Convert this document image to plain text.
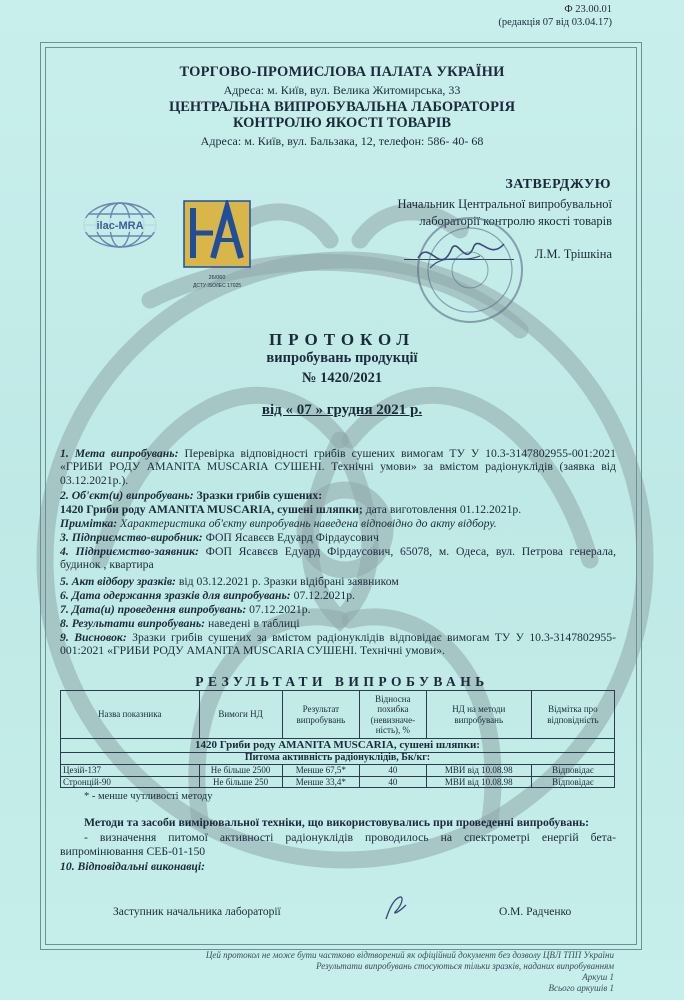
Ф 23.00.01
(редакція 07 від 03.04.17)
ТОРГОВО-ПРОМИСЛОВА ПАЛАТА УКРАЇНИ
Адреса: м. Київ, вул. Велика Житомирська, 33
ЦЕНТРАЛЬНА ВИПРОБУВАЛЬНА ЛАБОРАТОРІЯ
КОНТРОЛЮ ЯКОСТІ ТОВАРІВ
Адреса: м. Київ, вул. Бальзака, 12, телефон: 586- 40- 68
ilac-MRA
26/060
ДСТУ ISO/IEC 17025
ЗАТВЕРДЖУЮ
Начальник Центральної випробувальної
лабораторії контролю якості товарів
Л.М. Трішкіна
ПРОТОКОЛ
випробувань продукції
№ 1420/2021
від « 07 » грудня 2021 р.
1. Мета випробувань: Перевірка відповідності грибів сушених вимогам ТУ У 10.3-3147802955-001:2021 «ГРИБИ РОДУ AMANITA MUSCARIA СУШЕНІ. Технічні умови» за вмістом радіонуклідів (заявка від 03.12.2021р.).
2. Об'єкт(и) випробувань: Зразки грибів сушених:
1420 Гриби роду AMANITA MUSCARIA, сушені шляпки; дата виготовлення 01.12.2021р.
Примітка: Характеристика об'єкту випробувань наведена відповідно до акту відбору.
3. Підприємство-виробник: ФОП Ясавєєв Едуард Фірдаусович
4. Підприємство-заявник: ФОП Ясавєєв Едуард Фірдаусович, 65078, м. Одеса, вул. Петрова генерала, будинок , квартира
5. Акт відбору зразків: від 03.12.2021 р. Зразки відібрані заявником
6. Дата одержання зразків для випробувань: 07.12.2021р.
7. Дата(и) проведення випробувань: 07.12.2021р.
8. Результати випробувань: наведені в таблиці
9. Висновок: Зразки грибів сушених за вмістом радіонуклідів відповідає вимогам ТУ У 10.3-3147802955-001:2021 «ГРИБИ РОДУ AMANITA MUSCARIA СУШЕНІ. Технічні умови».
РЕЗУЛЬТАТИ ВИПРОБУВАНЬ
Назва показника	Вимоги НД	Результат випробувань	Відносна похибка (невизначе-ність), %	НД на методи випробувань	Відмітка про відповідність
1420 Гриби роду AMANITA MUSCARIA, сушені шляпки:					
Питома активність радіонуклідів, Бк/кг:					
Цезій-137	Не більше 2500	Менше 67,5*	40	МВИ від 10.08.98	Відповідає
Стронцій-90	Не більше 250	Менше 33,4*	40	МВИ від 10.08.98	Відповідає
* - менше чутливості методу
Методи та засоби вимірювальної техніки, що використовувались при проведенні випробувань:
- визначення питомої активності радіонуклідів проводилось на спектрометрі енергій бета-випромінювання СЕБ-01-150
10. Відповідальні виконавці:
Заступник начальника лабораторії	О.М. Радченко
Цей протокол не може бути частково відтворений як офіційний документ без дозволу ЦВЛ ТПП України
Результати випробувань стосуються тільки зразків, наданих випробуванням
Аркуш 1
Всього аркушів 1
